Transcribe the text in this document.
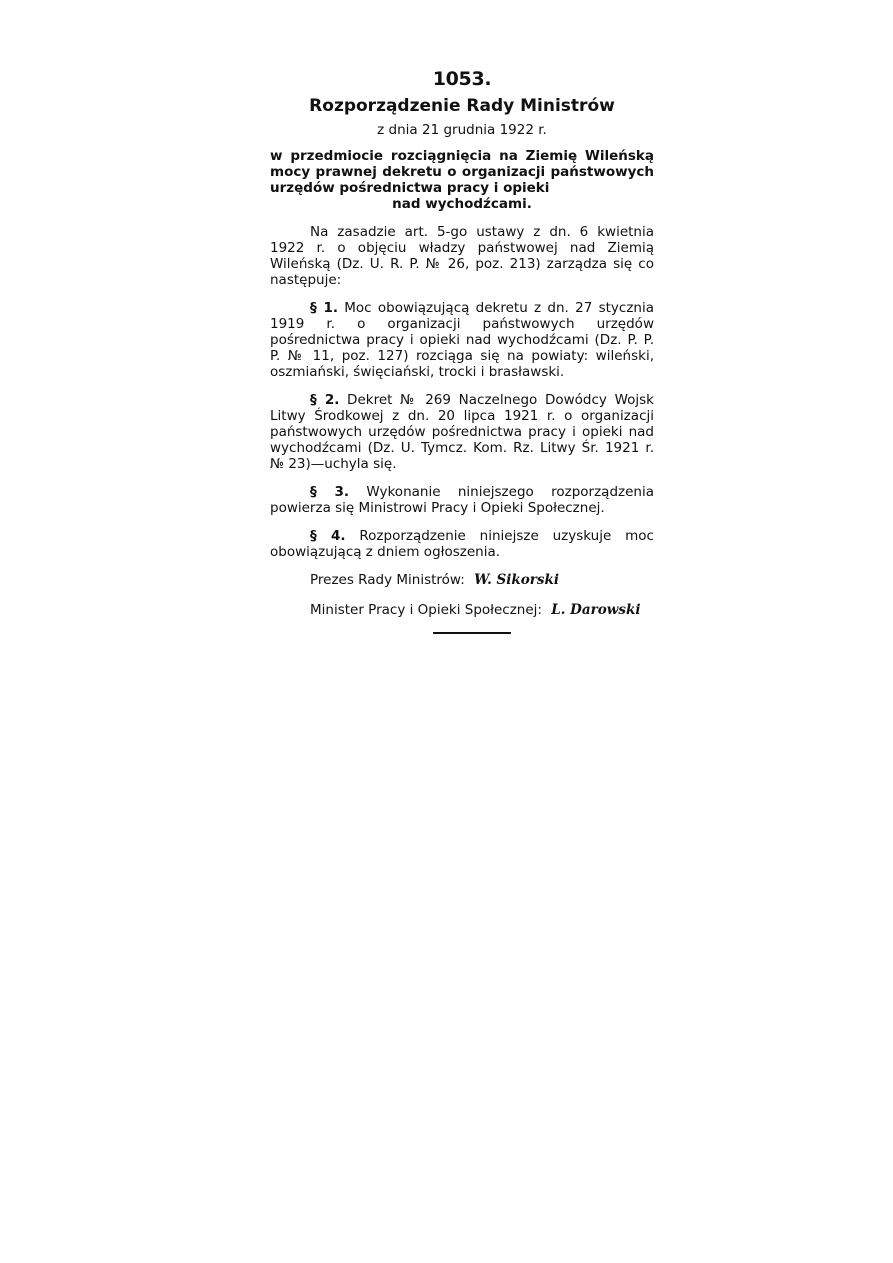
1053.
Rozporządzenie Rady Ministrów
z dnia 21 grudnia 1922 r.
w przedmiocie rozciągnięcia na Ziemię Wileńską mocy prawnej dekretu o organizacji państwowych urzędów pośrednictwa pracy i opieki
nad wychodźcami.

Na zasadzie art. 5-go ustawy z dn. 6 kwietnia 1922 r. o objęciu władzy państwowej nad Ziemią Wileńską (Dz. U. R. P. № 26, poz. 213) zarządza się co następuje:

§ 1. Moc obowiązującą dekretu z dn. 27 stycznia 1919 r. o organizacji państwowych urzędów pośrednictwa pracy i opieki nad wychodźcami (Dz. P. P. P. № 11, poz. 127) rozciąga się na powiaty: wileński, oszmiański, święciański, trocki i brasławski.

§ 2. Dekret № 269 Naczelnego Dowódcy Wojsk Litwy Środkowej z dn. 20 lipca 1921 r. o organizacji państwowych urzędów pośrednictwa pracy i opieki nad wychodźcami (Dz. U. Tymcz. Kom. Rz. Litwy Śr. 1921 r. № 23)—uchyla się.

§ 3. Wykonanie niniejszego rozporządzenia powierza się Ministrowi Pracy i Opieki Społecznej.

§ 4. Rozporządzenie niniejsze uzyskuje moc obowiązującą z dniem ogłoszenia.

Prezes Rady Ministrów: W. Sikorski
Minister Pracy i Opieki Społecznej: L. Darowski
